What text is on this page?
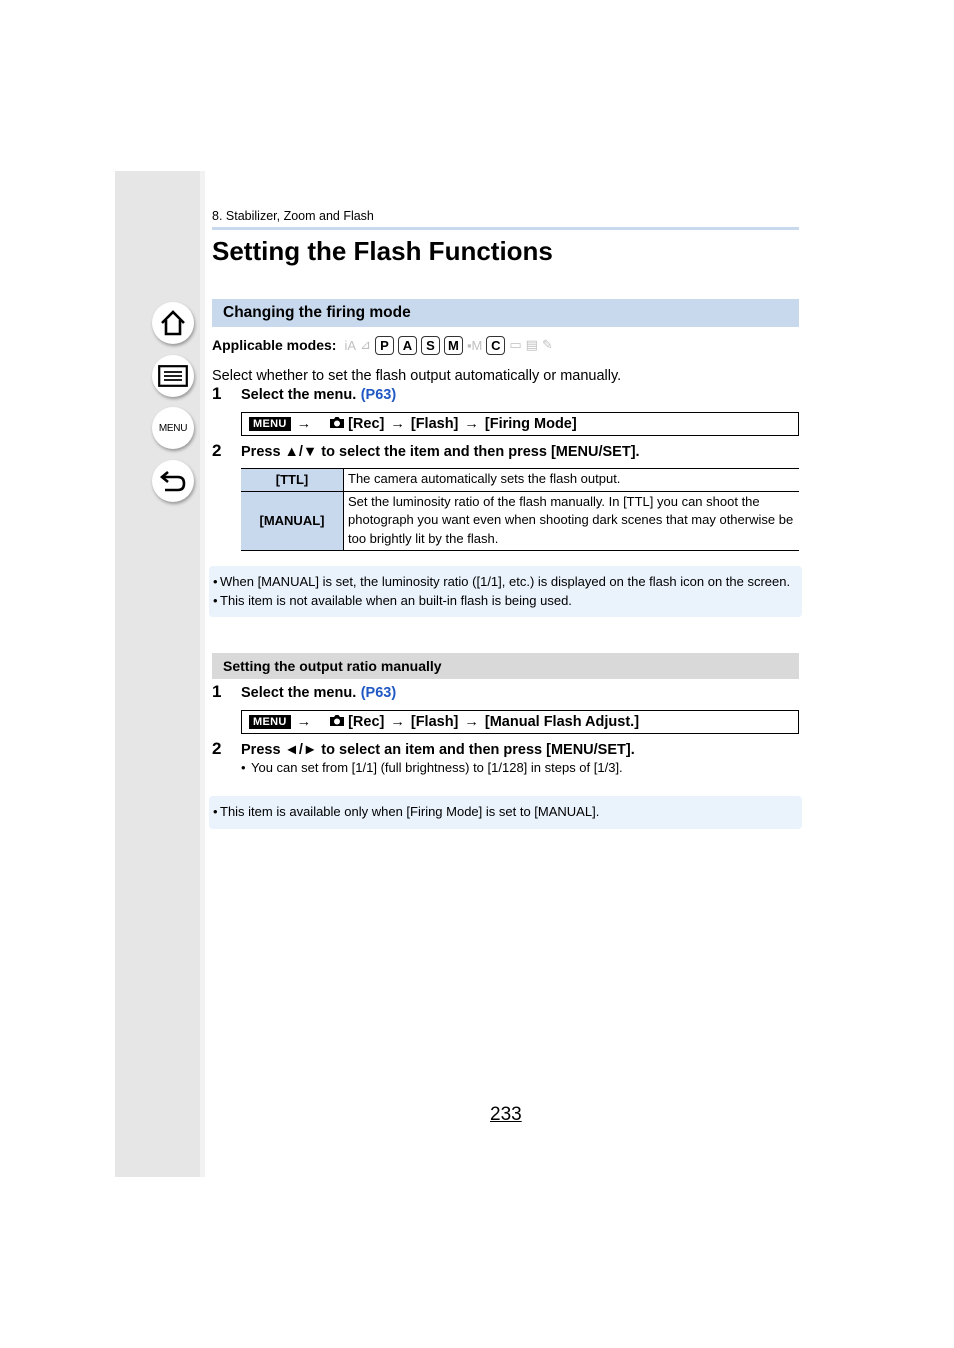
MENU
8. Stabilizer, Zoom and Flash
Setting the Flash Functions
Changing the firing mode
Applicable modes: iA ⊿ P	A	S	M ▪M C ▭ ▤ ✎
Select whether to set the flash output automatically or manually.
1 Select the menu. (P63)
MENU →	[Rec] → [Flash] → [Firing Mode]
2 Press ▲/▼ to select the item and then press [MENU/SET].
[TTL]	The camera automatically sets the flash output.
[MANUAL]	Set the luminosity ratio of the flash manually. In [TTL] you can shoot the photograph you want even when shooting dark scenes that may otherwise be too brightly lit by the flash.
• When [MANUAL] is set, the luminosity ratio ([1/1], etc.) is displayed on the flash icon on the screen.
• This item is not available when an built-in flash is being used.
Setting the output ratio manually
1 Select the menu. (P63)
MENU →	[Rec] → [Flash] → [Manual Flash Adjust.]
2 Press ◄/► to select an item and then press [MENU/SET].
• You can set from [1/1] (full brightness) to [1/128] in steps of [1/3].
• This item is available only when [Firing Mode] is set to [MANUAL].
233
